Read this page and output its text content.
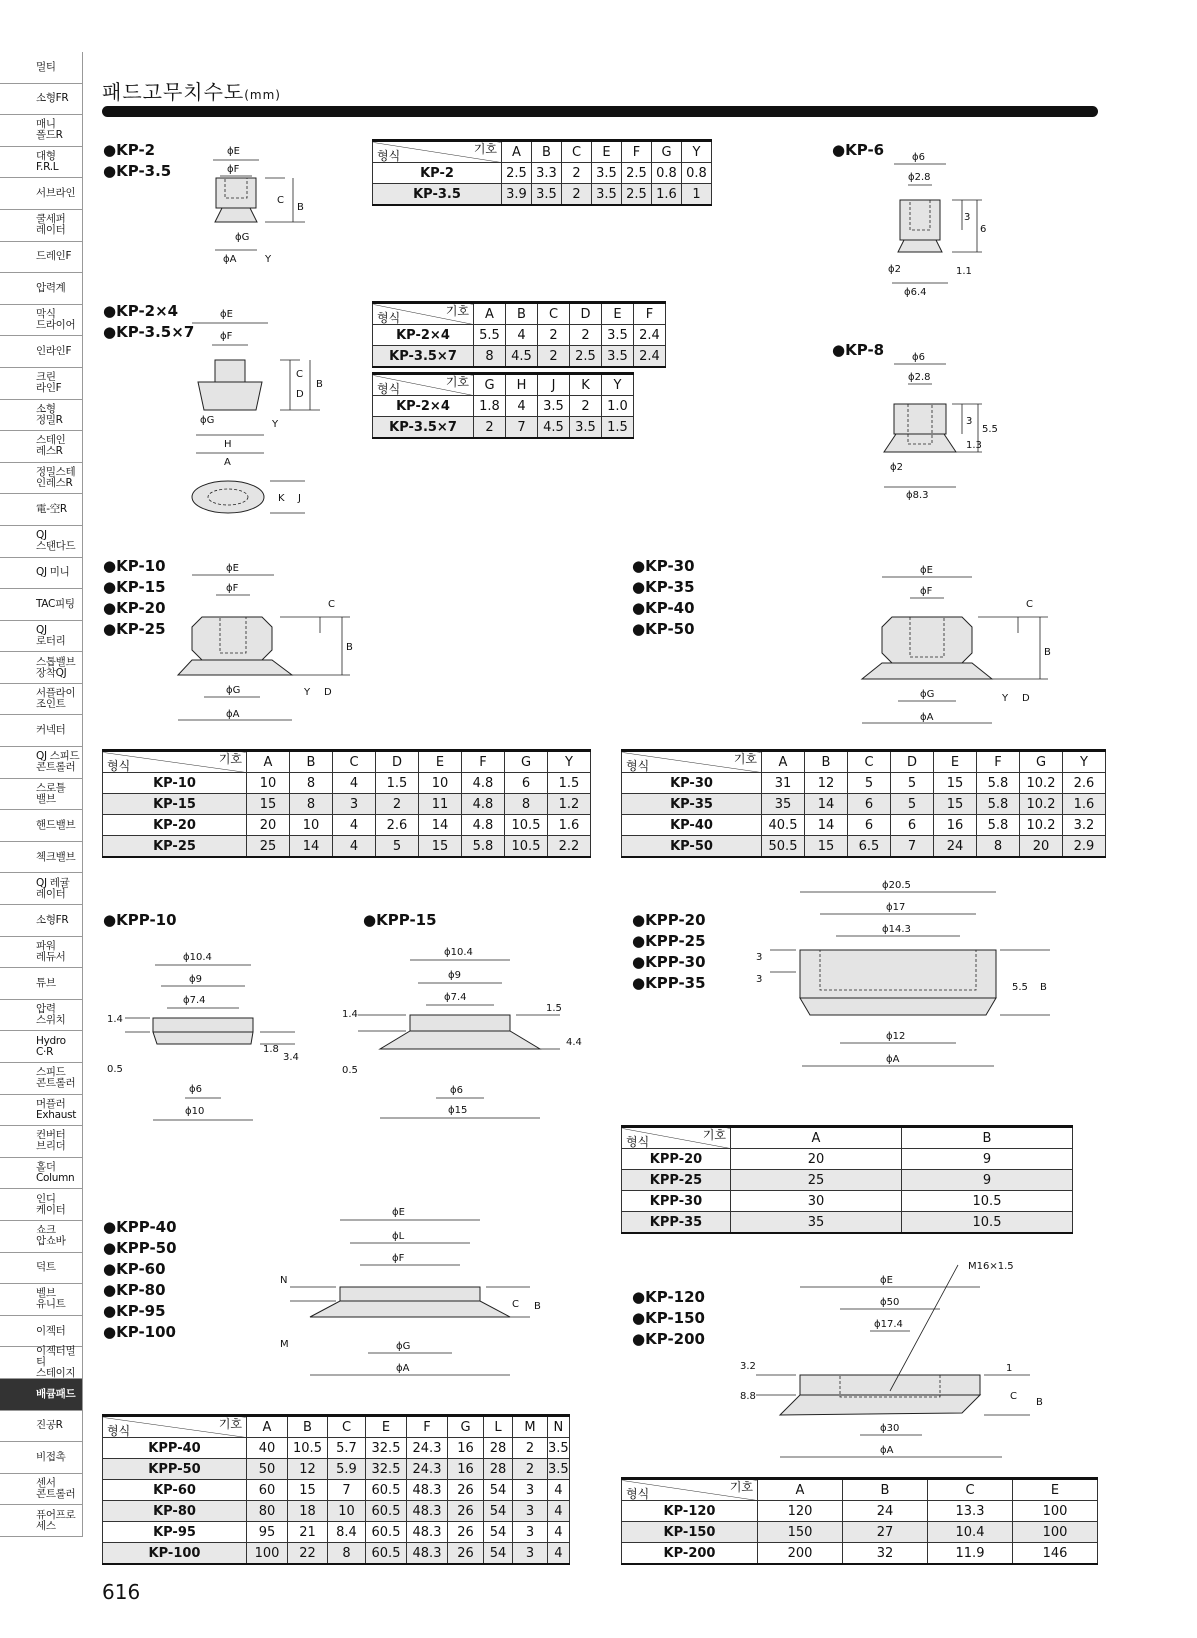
멀티
소형FR
매니
폴드R
대형
F.R.L
서브라인
쿨세퍼
레이터
드레인F
압력계
막식
드라이어
인라인F
크린
라인F
소형
정밀R
스테인
레스R
정밀스테
인레스R
電-空R
QJ
스탠다드
QJ 미니
TAC피팅
QJ
로터리
스톱밸브
장착QJ
서플라이
조인트
커넥터
QJ 스피드
콘트롤러
스로틀
밸브
핸드밸브
첵크밸브
QJ 레귤
레이터
소형FR
파워
레듀서
튜브
압력
스위치
Hydro
C·R
스피드
콘트롤러
머플러
Exhaust
컨버터
브리더
홀더
Column
인디
케이터
쇼크
압쇼바
덕트
벨브
유니트
이젝터
이젝터멀티
스테이지
배큠패드
진공R
비접촉
센서
콘트롤러
퓨어프로
세스
패드고무치수도(mm)
● KP-2
● KP-3.5
● KP-2×4
● KP-3.5×7
● KP-6
● KP-8
● KP-10
● KP-15
● KP-20
● KP-25
● KP-30
● KP-35
● KP-40
● KP-50
● KPP-10	● KPP-15	● KPP-20
● KPP-25
● KPP-30
● KPP-35
● KPP-40
● KPP-50
● KP-60
● KP-80
● KP-95
● KP-100
● KP-120
● KP-150
● KP-200
기호
형식	A	B	C	E	F	G	Y
KP-2	2.5	3.3	2	3.5	2.5	0.8	0.8
KP-3.5	3.9	3.5	2	3.5	2.5	1.6	1
기호
형식	A	B	C	D	E	F
KP-2×4	5.5	4	2	2	3.5	2.4
KP-3.5×7	8	4.5	2	2.5	3.5	2.4
기호
형식	G	H	J	K	Y
KP-2×4	1.8	4	3.5	2	1.0
KP-3.5×7	2	7	4.5	3.5	1.5
기호
형식	A	B	C	D	E	F	G	Y
KP-10	10	8	4	1.5	10	4.8	6	1.5
KP-15	15	8	3	2	11	4.8	8	1.2
KP-20	20	10	4	2.6	14	4.8	10.5	1.6
KP-25	25	14	4	5	15	5.8	10.5	2.2
기호
형식	A	B	C	D	E	F	G	Y
KP-30	31	12	5	5	15	5.8	10.2	2.6
KP-35	35	14	6	5	15	5.8	10.2	1.6
KP-40	40.5	14	6	6	16	5.8	10.2	3.2
KP-50	50.5	15	6.5	7	24	8	20	2.9
기호
형식	A	B
KPP-20	20	9
KPP-25	25	9
KPP-30	30	10.5
KPP-35	35	10.5
기호
형식	A	B	C	E	F	G	L	M	N
KPP-40	40	10.5	5.7	32.5	24.3	16	28	2	3.5
KPP-50	50	12	5.9	32.5	24.3	16	28	2	3.5
KP-60	60	15	7	60.5	48.3	26	54	3	4
KP-80	80	18	10	60.5	48.3	26	54	3	4
KP-95	95	21	8.4	60.5	48.3	26	54	3	4
KP-100	100	22	8	60.5	48.3	26	54	3	4
기호
형식	A	B	C	E
KP-120	120	24	13.3	100
KP-150	150	27	10.4	100
KP-200	200	32	11.9	146
ϕE
ϕF
C
B
ϕG
ϕA	Y
ϕE
ϕF
C
B
D
Y
ϕG
H
A
K J
ϕ6
ϕ2.8
3
6
1.1
ϕ2
ϕ6.4
ϕ6
ϕ2.8
3
5.5
1.3
ϕ2
ϕ8.3
ϕE
ϕF
C
B
ϕG	Y D
ϕA
ϕE
ϕF
C
B
ϕG	Y D
ϕA
ϕ10.4
ϕ9
ϕ7.4
1.4
0.5
1.8
3.4
ϕ6
ϕ10
ϕ10.4
ϕ9
ϕ7.4
1.4
0.5
1.5
4.4
ϕ6
ϕ15
ϕ20.5
ϕ17
ϕ14.3
3
3
5.5 B
ϕ12
ϕA
ϕE
ϕL
ϕF
N
M
C B
ϕG
ϕA
M16×1.5
ϕE
ϕ50
ϕ17.4
3.2
8.8
1
C
B
ϕ30
ϕA
616
